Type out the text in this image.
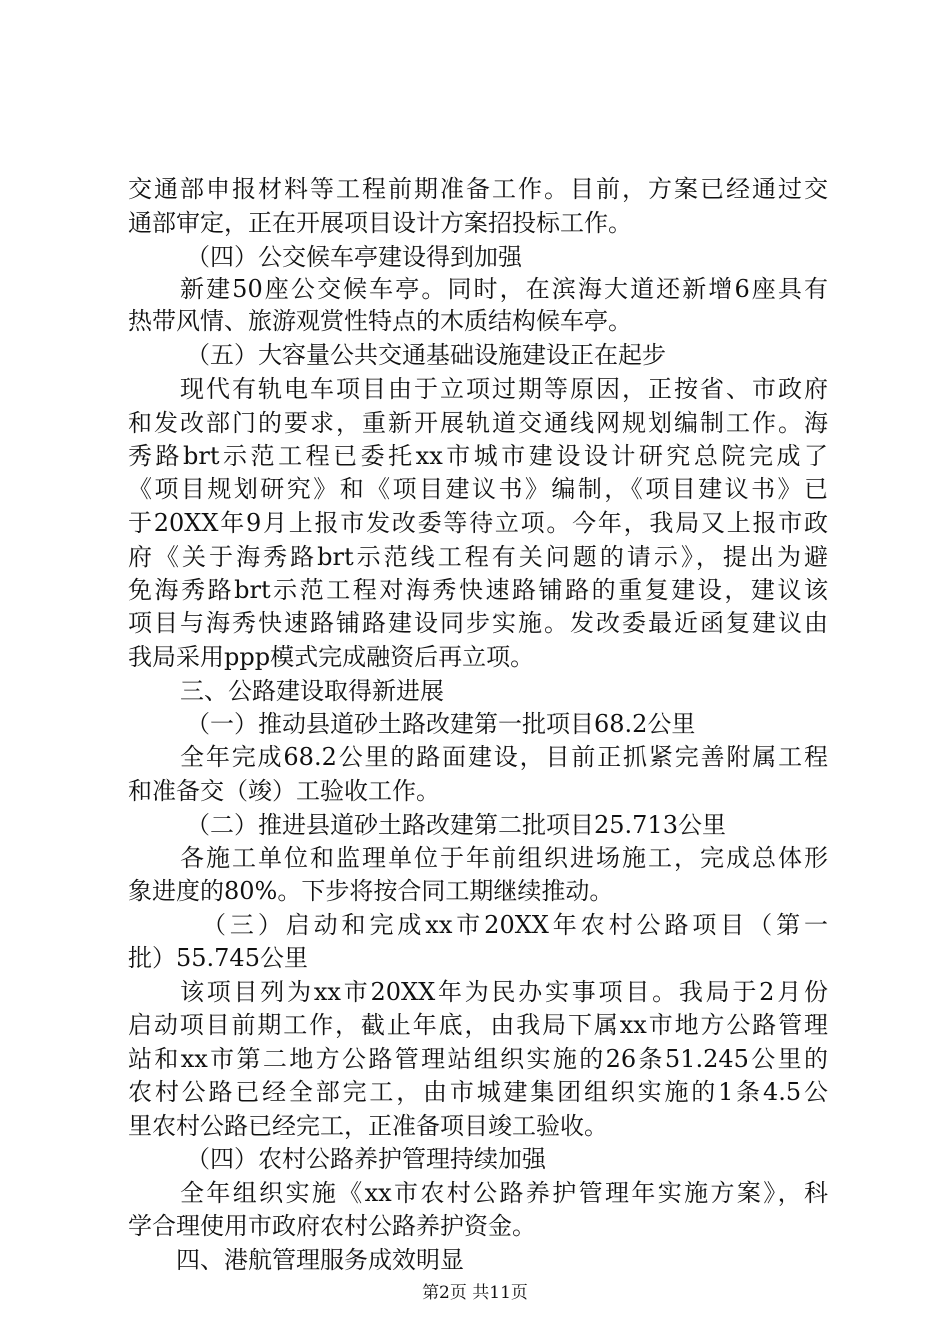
交通部申报材料等工程前期准备工作。目前，方案已经通过交
通部审定，正在开展项目设计方案招投标工作。
（四）公交候车亭建设得到加强
新建50座公交候车亭。同时，在滨海大道还新增6座具有
热带风情、旅游观赏性特点的木质结构候车亭。
（五）大容量公共交通基础设施建设正在起步
现代有轨电车项目由于立项过期等原因，正按省、市政府
和发改部门的要求，重新开展轨道交通线网规划编制工作。海
秀路brt示范工程已委托xx市城市建设设计研究总院完成了
《项目规划研究》和《项目建议书》编制，《项目建议书》已
于20XX年9月上报市发改委等待立项。今年，我局又上报市政
府《关于海秀路brt示范线工程有关问题的请示》，提出为避
免海秀路brt示范工程对海秀快速路铺路的重复建设，建议该
项目与海秀快速路铺路建设同步实施。发改委最近函复建议由
我局采用ppp模式完成融资后再立项。
三、公路建设取得新进展
（一）推动县道砂土路改建第一批项目68.2公里
全年完成68.2公里的路面建设，目前正抓紧完善附属工程
和准备交（竣）工验收工作。
（二）推进县道砂土路改建第二批项目25.713公里
各施工单位和监理单位于年前组织进场施工，完成总体形
象进度的80%。下步将按合同工期继续推动。
（三）启动和完成xx市20XX年农村公路项目（第一
批）55.745公里
该项目列为xx市20XX年为民办实事项目。我局于2月份
启动项目前期工作，截止年底，由我局下属xx市地方公路管理
站和xx市第二地方公路管理站组织实施的26条51.245公里的
农村公路已经全部完工，由市城建集团组织实施的1条4.5公
里农村公路已经完工，正准备项目竣工验收。
（四）农村公路养护管理持续加强
全年组织实施《xx市农村公路养护管理年实施方案》，科
学合理使用市政府农村公路养护资金。
四、港航管理服务成效明显
第2页 共11页
